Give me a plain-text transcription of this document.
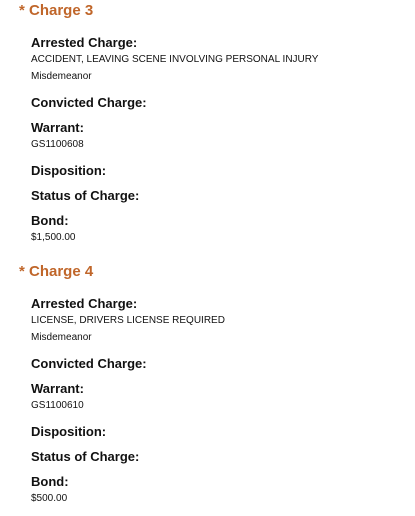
* Charge 3
Arrested Charge:
ACCIDENT, LEAVING SCENE INVOLVING PERSONAL INJURY
Misdemeanor
Convicted Charge:
Warrant:
GS1100608
Disposition:
Status of Charge:
Bond:
$1,500.00
* Charge 4
Arrested Charge:
LICENSE, DRIVERS LICENSE REQUIRED
Misdemeanor
Convicted Charge:
Warrant:
GS1100610
Disposition:
Status of Charge:
Bond:
$500.00
